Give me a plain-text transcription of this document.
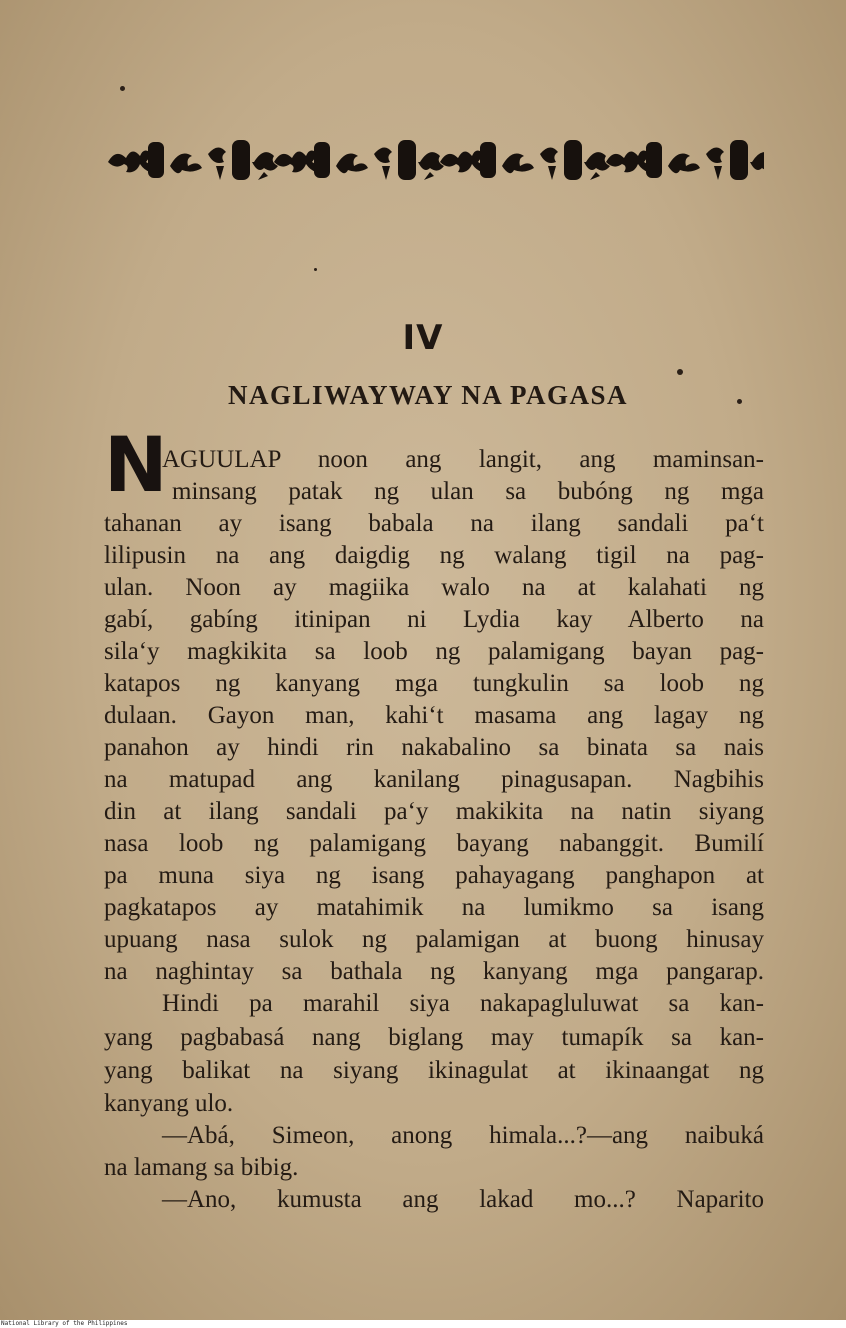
IV
NAGLIWAYWAY NA PAGASA
N
AGUULAP noon ang langit, ang maminsan-
minsang patak ng ulan sa bubóng ng mga
tahanan ay isang babala na ilang sandali pa‘t
lilipusin na ang daigdig ng walang tigil na pag-
ulan. Noon ay magiika walo na at kalahati ng
gabí, gabíng itinipan ni Lydia kay Alberto na
sila‘y magkikita sa loob ng palamigang bayan pag-
katapos ng kanyang mga tungkulin sa loob ng
dulaan. Gayon man, kahi‘t masama ang lagay ng
panahon ay hindi rin nakabalino sa binata sa nais
na matupad ang kanilang pinagusapan. Nagbihis
din at ilang sandali pa‘y makikita na natin siyang
nasa loob ng palamigang bayang nabanggit. Bumilí
pa muna siya ng isang pahayagang panghapon at
pagkatapos ay matahimik na lumikmo sa isang
upuang nasa sulok ng palamigan at buong hinusay
na naghintay sa bathala ng kanyang mga pangarap.
Hindi pa marahil siya nakapagluluwat sa kan-
yang pagbabasá nang biglang may tumapík sa kan-
yang balikat na siyang ikinagulat at ikinaangat ng
kanyang ulo.
—Abá, Simeon, anong himala...?—ang naibuká
na lamang sa bibig.
—Ano, kumusta ang lakad mo...? Naparito
National Library of the Philippines
